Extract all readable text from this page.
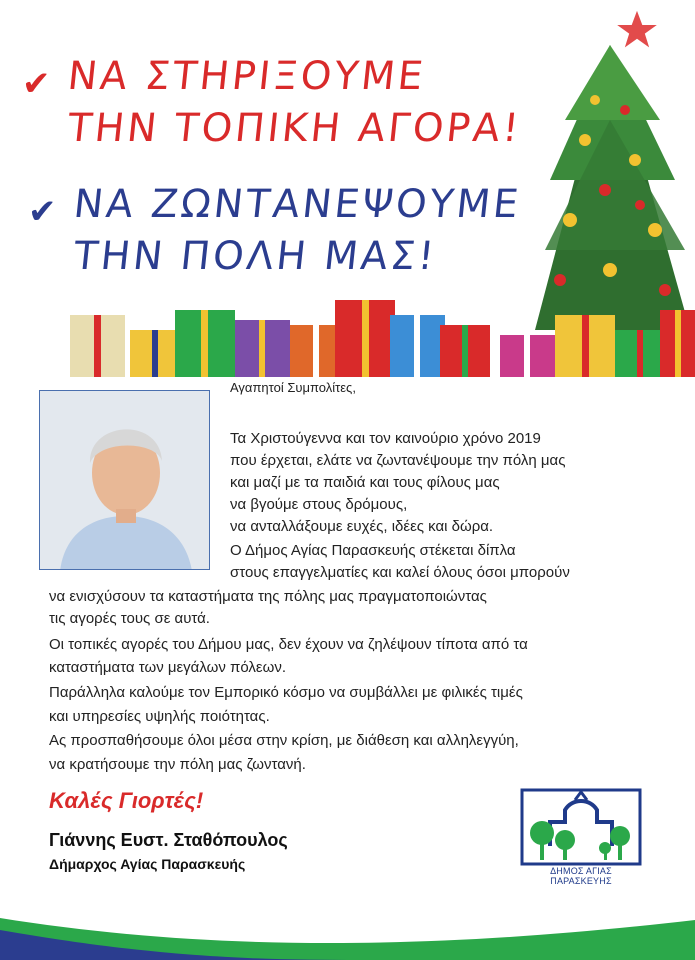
✔ ΝΑ ΣΤΗΡΙΞΟΥΜΕ
ΤΗΝ ΤΟΠΙΚΗ ΑΓΟΡΑ!
✔ ΝΑ ΖΩΝΤΑΝΕΨΟΥΜΕ
ΤΗΝ ΠΟΛΗ ΜΑΣ!
Αγαπητοί Συμπολίτες,
Τα Χριστούγεννα και τον καινούριο χρόνο 2019
που έρχεται, ελάτε να ζωντανέψουμε την πόλη μας
και μαζί με τα παιδιά και τους φίλους μας
να βγούμε στους δρόμους,
να ανταλλάξουμε ευχές, ιδέες και δώρα.
Ο Δήμος Αγίας Παρασκευής στέκεται δίπλα
στους επαγγελματίες και καλεί όλους όσοι μπορούν
να ενισχύσουν τα καταστήματα της πόλης μας πραγματοποιώντας
τις αγορές τους σε αυτά.
Οι τοπικές αγορές του Δήμου μας, δεν έχουν να ζηλέψουν τίποτα από τα
καταστήματα των μεγάλων πόλεων.
Παράλληλα καλούμε τον Εμπορικό κόσμο να συμβάλλει με φιλικές τιμές
και υπηρεσίες υψηλής ποιότητας.
Ας προσπαθήσουμε όλοι μέσα στην κρίση, με διάθεση και αλληλεγγύη,
να κρατήσουμε την πόλη μας ζωντανή.
Καλές Γιορτές!
Γιάννης Ευστ. Σταθόπουλος
Δήμαρχος Αγίας Παρασκευής	ΔΗΜΟΣ ΑΓΙΑΣ ΠΑΡΑΣΚΕΥΗΣ
